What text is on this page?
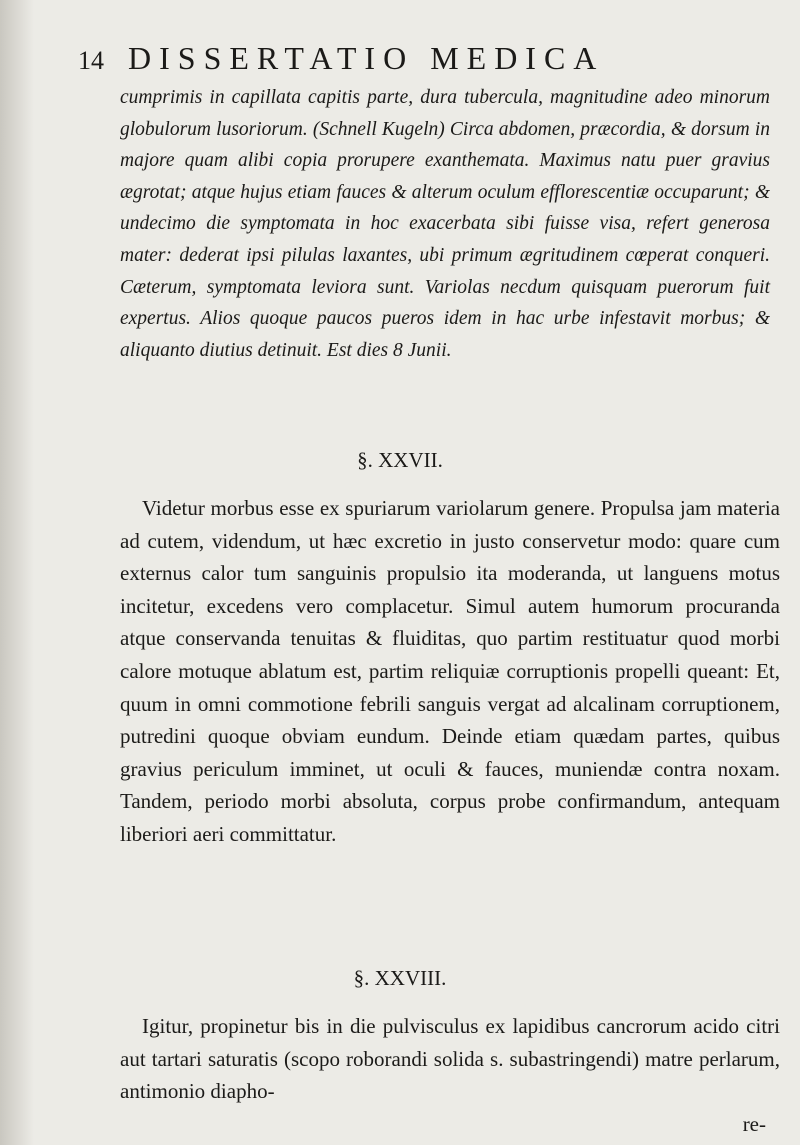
14 DISSERTATIO MEDICA

cumprimis in capillata capitis parte, dura tubercula, magnitudine adeo minorum globulorum lusoriorum. (Schnell Kugeln) Circa abdomen, præcordia, & dorsum in majore quam alibi copia prorupere exanthemata. Maximus natu puer gravius ægrotat; atque hujus etiam fauces & alterum oculum efflorescentiæ occuparunt; & undecimo die symptomata in hoc exacerbata sibi fuisse visa, refert generosa mater: dederat ipsi pilulas laxantes, ubi primum ægritudinem cœperat conqueri. Cæterum, symptomata leviora sunt. Variolas necdum quisquam puerorum fuit expertus. Alios quoque paucos pueros idem in hac urbe infestavit morbus; & aliquanto diutius detinuit. Est dies 8 Junii.

§. XXVII.

Videtur morbus esse ex spuriarum variolarum genere. Propulsa jam materia ad cutem, videndum, ut hæc excretio in justo conservetur modo: quare cum externus calor tum sanguinis propulsio ita moderanda, ut languens motus incitetur, excedens vero complacetur. Simul autem humorum procuranda atque conservanda tenuitas & fluiditas, quo partim restituatur quod morbi calore motuque ablatum est, partim reliquiæ corruptionis propelli queant: Et, quum in omni commotione febrili sanguis vergat ad alcalinam corruptionem, putredini quoque obviam eundum. Deinde etiam quædam partes, quibus gravius periculum imminet, ut oculi & fauces, muniendæ contra noxam. Tandem, periodo morbi absoluta, corpus probe confirmandum, antequam liberiori aeri committatur.

§. XXVIII.

Igitur, propinetur bis in die pulvisculus ex lapidibus cancrorum acido citri aut tartari saturatis (scopo roborandi solida s. subastringendi) matre perlarum, antimonio diapho-

re-
